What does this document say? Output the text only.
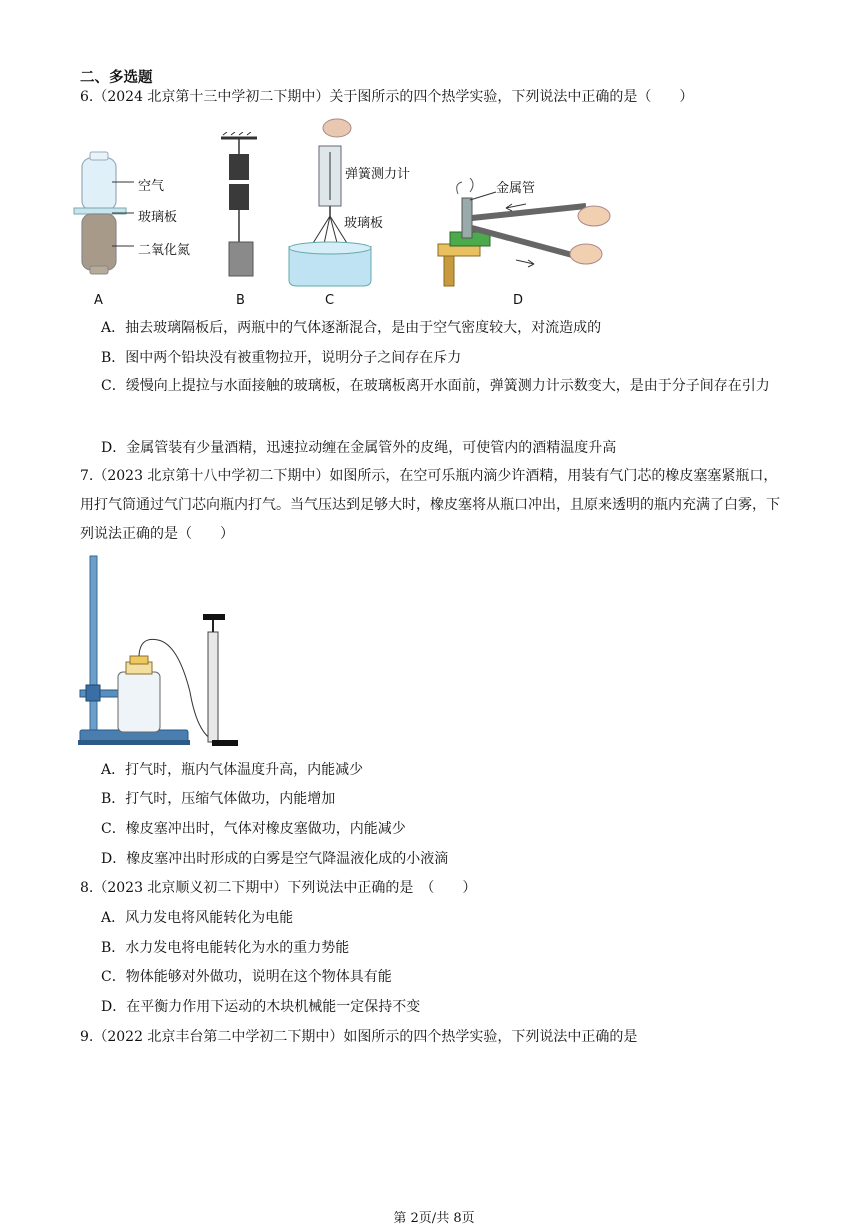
二、多选题
6.（2024 北京第十三中学初二下期中）关于图所示的四个热学实验，下列说法中正确的是（　　）
空气
玻璃板
二氧化氮
A	B
弹簧测力计
玻璃板
C
金属管
D
A．抽去玻璃隔板后，两瓶中的气体逐渐混合，是由于空气密度较大，对流造成的
B．图中两个铅块没有被重物拉开，说明分子之间存在斥力
C．缓慢向上提拉与水面接触的玻璃板，在玻璃板离开水面前，弹簧测力计示数变大，是由于分子间存在引力
D．金属管装有少量酒精，迅速拉动缠在金属管外的皮绳，可使管内的酒精温度升高
7.（2023 北京第十八中学初二下期中）如图所示，在空可乐瓶内滴少许酒精，用装有气门芯的橡皮塞塞紧瓶口，用打气筒通过气门芯向瓶内打气。当气压达到足够大时，橡皮塞将从瓶口冲出，且原来透明的瓶内充满了白雾，下列说法正确的是（　　）
A．打气时，瓶内气体温度升高，内能减少
B．打气时，压缩气体做功，内能增加
C．橡皮塞冲出时，气体对橡皮塞做功，内能减少
D．橡皮塞冲出时形成的白雾是空气降温液化成的小液滴
8.（2023 北京顺义初二下期中）下列说法中正确的是　（　　）
A．风力发电将风能转化为电能
B．水力发电将电能转化为水的重力势能
C．物体能够对外做功，说明在这个物体具有能
D．在平衡力作用下运动的木块机械能一定保持不变
9.（2022 北京丰台第二中学初二下期中）如图所示的四个热学实验，下列说法中正确的是
第 2页/共 8页
